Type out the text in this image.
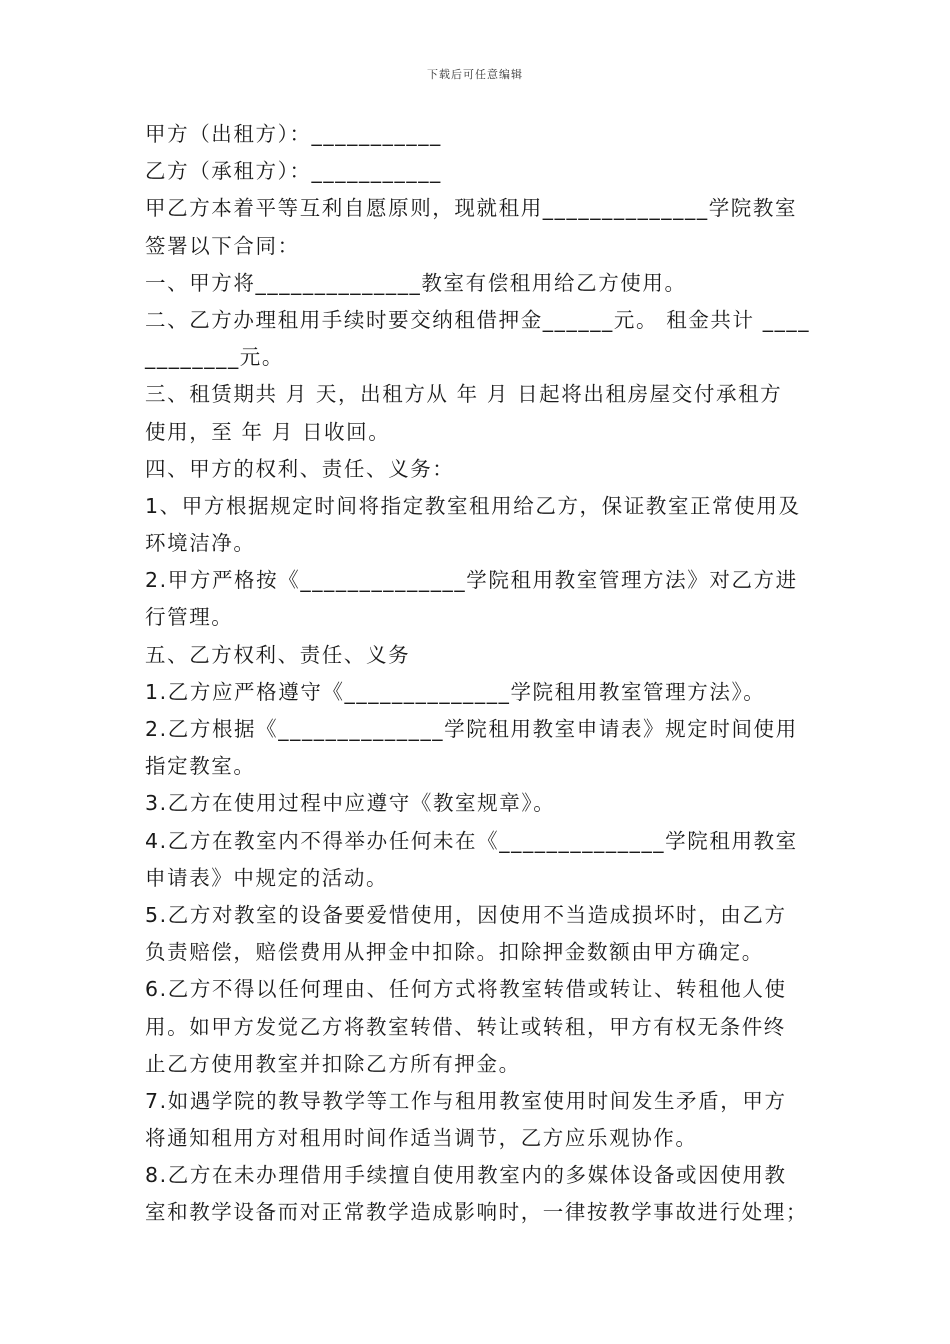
下载后可任意编辑
甲方（出租方）：___________
乙方（承租方）：___________
甲乙方本着平等互利自愿原则，现就租用______________学院教室
签署以下合同：
一、甲方将______________教室有偿租用给乙方使用。
二、乙方办理租用手续时要交纳租借押金______元。 租金共计 ____
________元。
三、租赁期共 月 天，出租方从 年 月 日起将出租房屋交付承租方
使用，至 年 月 日收回。
四、甲方的权利、责任、义务：
1、甲方根据规定时间将指定教室租用给乙方，保证教室正常使用及
环境洁净。
2.甲方严格按《______________学院租用教室管理方法》对乙方进
行管理。
五、乙方权利、责任、义务
1.乙方应严格遵守《______________学院租用教室管理方法》。
2.乙方根据《______________学院租用教室申请表》规定时间使用
指定教室。
3.乙方在使用过程中应遵守《教室规章》。
4.乙方在教室内不得举办任何未在《______________学院租用教室
申请表》中规定的活动。
5.乙方对教室的设备要爱惜使用，因使用不当造成损坏时，由乙方
负责赔偿，赔偿费用从押金中扣除。扣除押金数额由甲方确定。
6.乙方不得以任何理由、任何方式将教室转借或转让、转租他人使
用。如甲方发觉乙方将教室转借、转让或转租，甲方有权无条件终
止乙方使用教室并扣除乙方所有押金。
7.如遇学院的教导教学等工作与租用教室使用时间发生矛盾，甲方
将通知租用方对租用时间作适当调节，乙方应乐观协作。
8.乙方在未办理借用手续擅自使用教室内的多媒体设备或因使用教
室和教学设备而对正常教学造成影响时，一律按教学事故进行处理；
